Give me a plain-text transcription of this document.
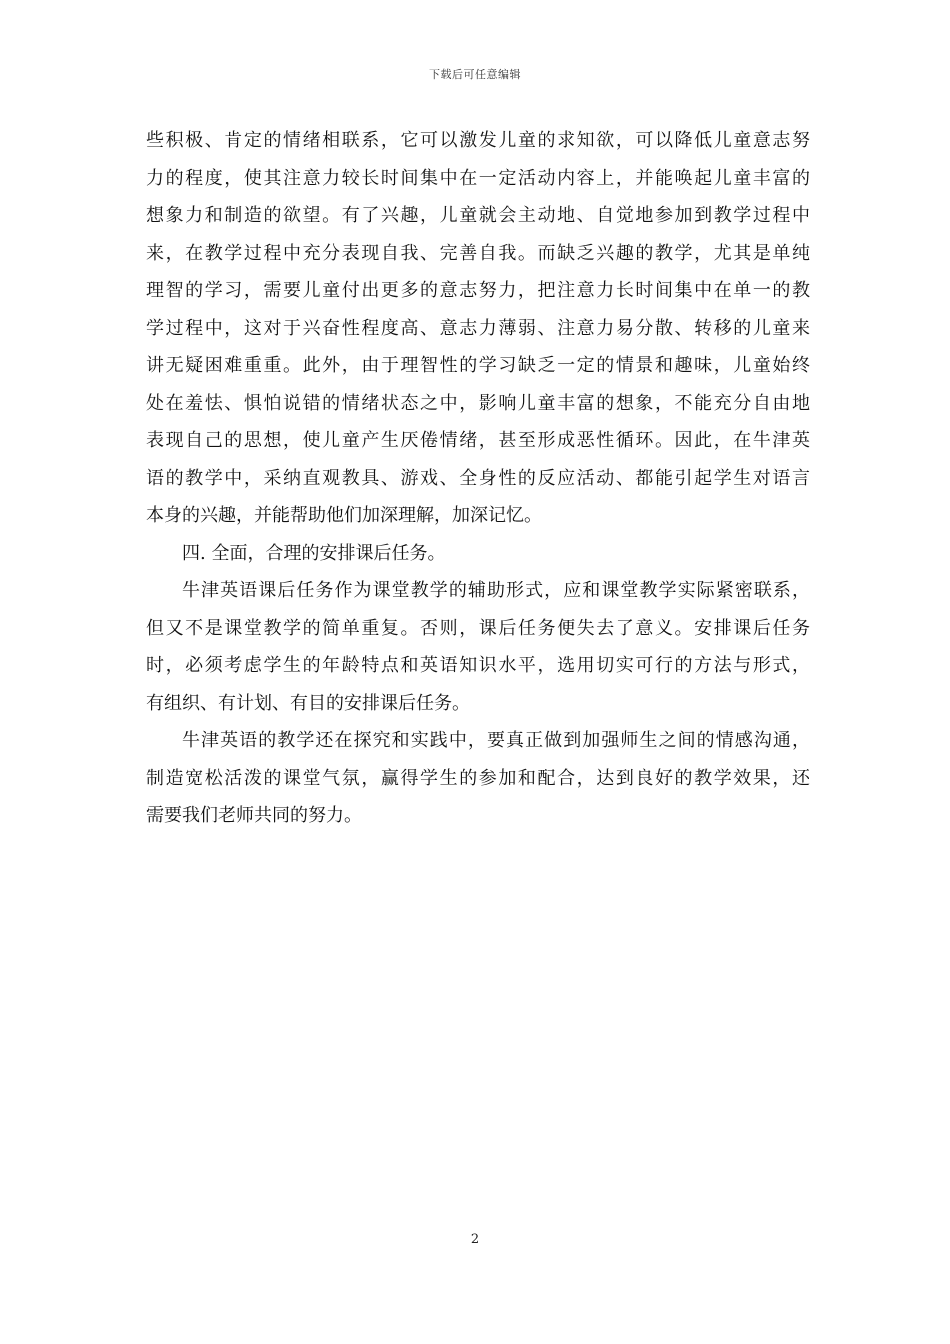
下载后可任意编辑

些积极、肯定的情绪相联系，它可以激发儿童的求知欲，可以降低儿童意志努
力的程度，使其注意力较长时间集中在一定活动内容上，并能唤起儿童丰富的
想象力和制造的欲望。有了兴趣，儿童就会主动地、自觉地参加到教学过程中
来，在教学过程中充分表现自我、完善自我。而缺乏兴趣的教学，尤其是单纯
理智的学习，需要儿童付出更多的意志努力，把注意力长时间集中在单一的教
学过程中，这对于兴奋性程度高、意志力薄弱、注意力易分散、转移的儿童来
讲无疑困难重重。此外，由于理智性的学习缺乏一定的情景和趣味，儿童始终
处在羞怯、惧怕说错的情绪状态之中，影响儿童丰富的想象，不能充分自由地
表现自己的思想，使儿童产生厌倦情绪，甚至形成恶性循环。因此，在牛津英
语的教学中，采纳直观教具、游戏、全身性的反应活动、都能引起学生对语言
本身的兴趣，并能帮助他们加深理解，加深记忆。

四. 全面，合理的安排课后任务。

牛津英语课后任务作为课堂教学的辅助形式，应和课堂教学实际紧密联系，
但又不是课堂教学的简单重复。否则，课后任务便失去了意义。安排课后任务
时，必须考虑学生的年龄特点和英语知识水平，选用切实可行的方法与形式，
有组织、有计划、有目的安排课后任务。

牛津英语的教学还在探究和实践中，要真正做到加强师生之间的情感沟通，
制造宽松活泼的课堂气氛，赢得学生的参加和配合，达到良好的教学效果，还
需要我们老师共同的努力。

2
